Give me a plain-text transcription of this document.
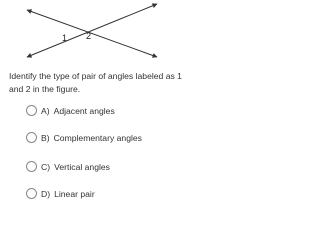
1 2
Identify the type of pair of angles labeled as 1 and 2 in the figure.
A) Adjacent angles
B) Complementary angles
C) Vertical angles
D) Linear pair
